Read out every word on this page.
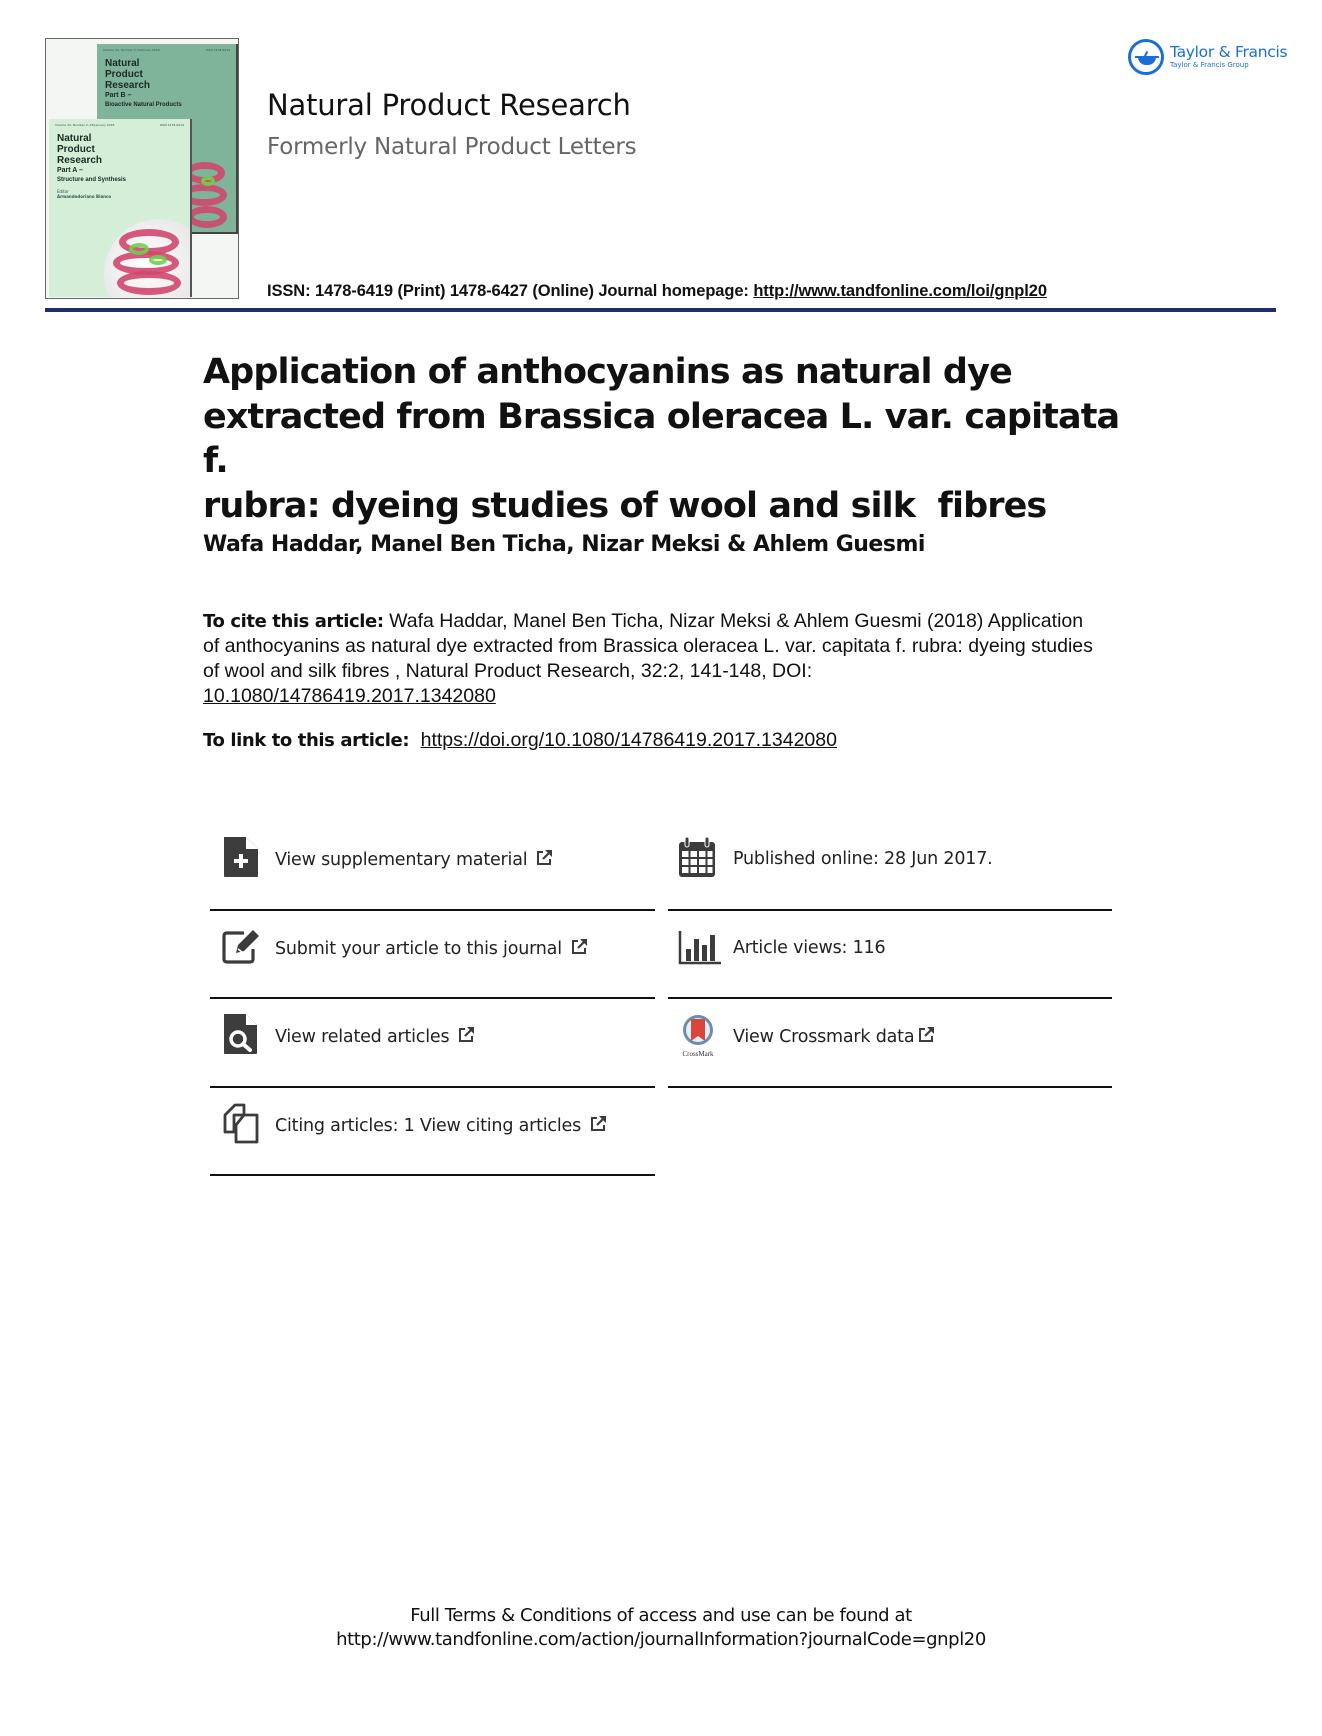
Volume 32, Number 2, February 2018	ISSN 1478-6419
Natural Product Research
Part B –
Bioactive Natural Products
Volume 32, Number 2, 28 January 2018	ISSN 1478-6419
Natural Product Research
Part A –
Structure and Synthesis
Editor
Armandodoriano Bianco
Natural Product Research
Formerly Natural Product Letters
ISSN: 1478-6419 (Print) 1478-6427 (Online) Journal homepage: http://www.tandfonline.com/loi/gnpl20
Taylor & Francis
Taylor & Francis Group
Application of anthocyanins as natural dye
extracted from Brassica oleracea L. var. capitata f.
rubra: dyeing studies of wool and silk  fibres
Wafa Haddar, Manel Ben Ticha, Nizar Meksi & Ahlem Guesmi
To cite this article: Wafa Haddar, Manel Ben Ticha, Nizar Meksi & Ahlem Guesmi (2018) Application of anthocyanins as natural dye extracted from Brassica oleracea L. var. capitata f. rubra: dyeing studies of wool and silk fibres , Natural Product Research, 32:2, 141-148, DOI: 10.1080/14786419.2017.1342080
To link to this article: https://doi.org/10.1080/14786419.2017.1342080
View supplementary material
Submit your article to this journal
View related articles
Citing articles: 1 View citing articles
Published online: 28 Jun 2017.
Article views: 116
CrossMark
View Crossmark data
Full Terms & Conditions of access and use can be found at
http://www.tandfonline.com/action/journalInformation?journalCode=gnpl20
